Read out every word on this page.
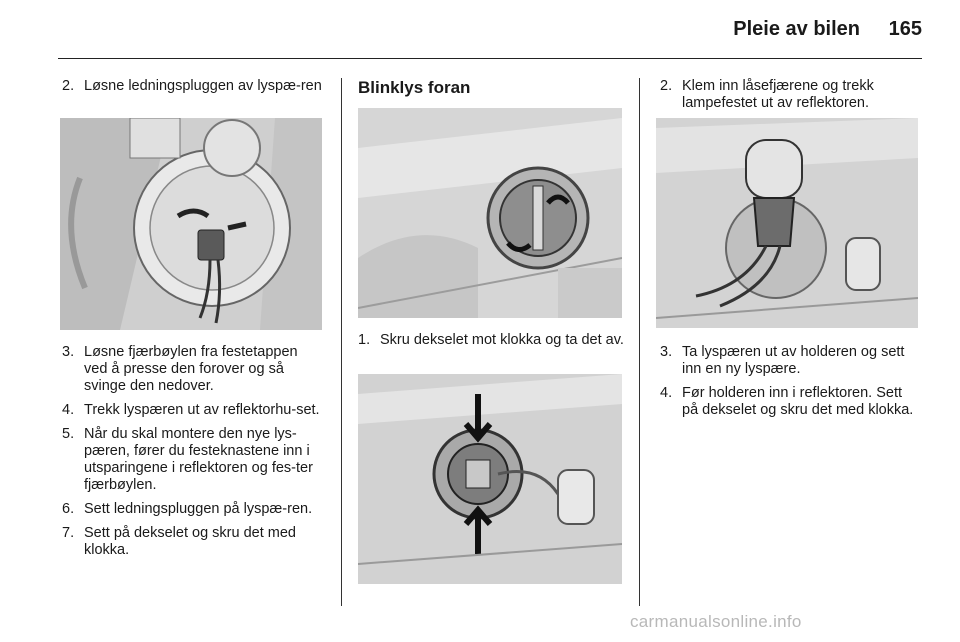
Pleie av bilen	165
2. Løsne ledningspluggen av lyspæ-ren
3. Løsne fjærbøylen fra festetappen ved å presse den forover og så svinge den nedover.
4. Trekk lyspæren ut av reflektorhu-set.
5. Når du skal montere den nye lys-pæren, fører du festeknastene inn i utsparingene i reflektoren og fes-ter fjærbøylen.
6. Sett ledningspluggen på lyspæ-ren.
7. Sett på dekselet og skru det med klokka.
Blinklys foran
1. Skru dekselet mot klokka og ta det av.
2. Klem inn låsefjærene og trekk lampefestet ut av reflektoren.
3. Ta lyspæren ut av holderen og sett inn en ny lyspære.
4. Før holderen inn i reflektoren. Sett på dekselet og skru det med klokka.
carmanualsonline.info
